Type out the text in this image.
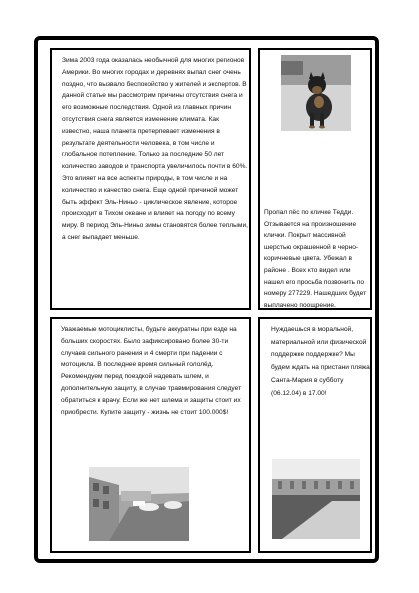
Зима 2003 года оказалась необычной для многих регионов Америки. Во многих городах и деревнях выпал снег очень поздно, что вызвало беспокойство у жителей и экспертов. В данной статье мы рассмотрим причины отсутствия снега и его возможные последствия. Одной из главных причин отсутствия снега является изменение климата. Как известно, наша планета претерпевает изменения в результате деятельности человека, в том числе и глобальное потепление. Только за последние 50 лет количество заводов и транспорта увеличилось почти в 60%. Это влияет на все аспекты природы, в том числе и на количество и качество снега. Еще одной причиной может быть эффект Эль-Ниньо - циклическое явление, которое происходит в Тихом океане и влияет на погоду по всему миру. В период Эль-Ниньо зимы становятся более теплыми, а снег выпадает меньше.
Пропал пёс по кличке Тедди. Отзывается на произношение клички. Покрыт массивной шерстью окрашенной в черно-коричневые цвета. Убежал в районе . Всех кто видел или нашел его просьба позвонить по номеру 277229. Нашедших будет выплачено поощрение.
Уважаемые мотоциклисты, будьте аккуратны при езде на больших скоростях. Было зафиксировано более 30-ти случаев сильного ранения и 4 смерти при падении с мотоцикла. В последнее время сильный гололёд. Рекомендуем перед поездкой надевать шлем, и дополнительную защиту, в случае травмирования следует обратиться к врачу. Если же нет шлема и защиты стоит их приобрести. Купите защиту - жизнь не стоит 100.000$!
Нуждаешься в моральной, материальной или физической поддержке поддержке? Мы будем ждать на пристани пляжа Санта-Мария в субботу (06.12.04) в 17.00!
